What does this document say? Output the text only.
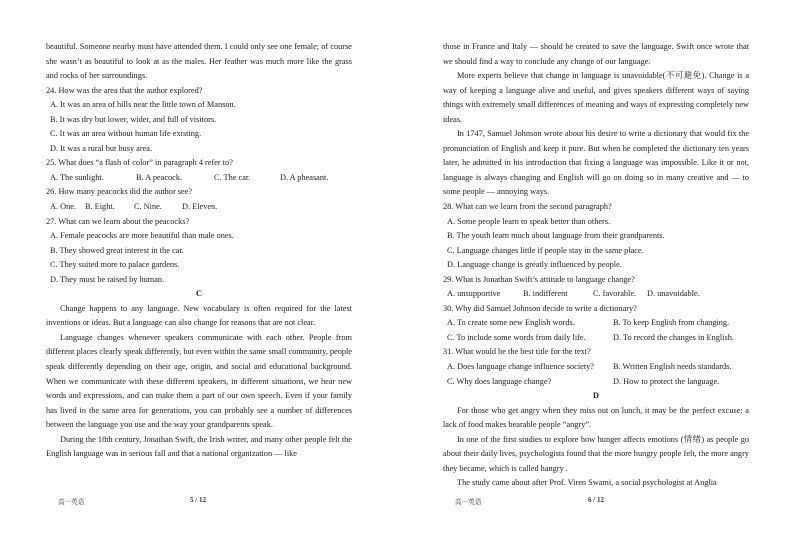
beautiful. Someone nearby must have attended them. I could only see one female; of course she wasn’t as beautiful to look at as the males. Her feather was much more like the grass and rocks of her surroundings.

24. How was the area that the author explored?

A. It was an area of hills near the little town of Manson.

B. It was dry but lower, wider, and full of visitors.

C. It was an area without human life existing.

D. It was a rural but busy area.

25. What does “a flash of color” in paragraph 4 refer to?

A. The sunlight.	B. A peacock.	C. The car.	D. A pheasant.

26. How many peacocks did the author see?

A. One.	B. Eight.	C. Nine.	D. Eleven.

27. What can we learn about the peacocks?

A. Female peacocks are more beautiful than male ones.

B. They showed great interest in the car.

C. They suited more to palace gardens.

D. They must be raised by human.

C

Change happens to any language. New vocabulary is often required for the latest inventions or ideas. But a language can also change for reasons that are not clear.

Language changes whenever speakers communicate with each other. People from different places clearly speak differently, but even within the same small community, people speak differently depending on their age, origin, and social and educational background. When we communicate with these different speakers, in different situations, we hear new words and expressions, and can make them a part of our own speech. Even if your family has lived in the same area for generations, you can probably see a number of differences between the language you use and the way your grandparents speak.

During the 18th century, Jonathan Swift, the Irish writer, and many other people felt the English language was in serious fall and that a national organization — like

高一英语	5 / 12

those in France and Italy — should be created to save the language. Swift once wrote that we should find a way to conclude any change of our language.

More experts believe that change in language is unavoidable(不可避免). Change is a way of keeping a language alive and useful, and gives speakers different ways of saying things with extremely small differences of meaning and ways of expressing completely new ideas.

In 1747, Samuel Johnson wrote about his desire to write a dictionary that would fix the pronunciation of English and keep it pure. But when he completed the dictionary ten years later, he admitted in his introduction that fixing a language was impossible. Like it or not, language is always changing and English will go on doing so in many creative and — to some people — annoying ways.

28. What can we learn from the second paragraph?

A. Some people learn to speak better than others.

B. The youth learn much about language from their grandparents.

C. Language changes little if people stay in the same place.

D. Language change is greatly influenced by people.

29. What is Jonathan Swift’s attitude to language change?

A. unsupportive	B. indifferent	C. favorable.	D. unavoidable.

30. Why did Samuel Johnson decide to write a dictionary?

A. To create some new English words.	B. To keep English from changing.
C. To include some words from daily life.	D. To record the changes in English.

31. What would be the best title for the text?

A. Does language change influence society?	B. Written English needs standards.
C. Why does language change?	D. How to protect the language.

D

For those who get angry when they miss out on lunch, it may be the perfect excuse: a lack of food makes bearable people “angry”.

In one of the first studies to explore how hunger affects emotions (情绪) as people go about their daily lives, psychologists found that the more hungry people felt, the more angry they became, which is called hangry .

The study came about after Prof. Viren Swami, a social psychologist at Anglia

高一英语	6 / 12
